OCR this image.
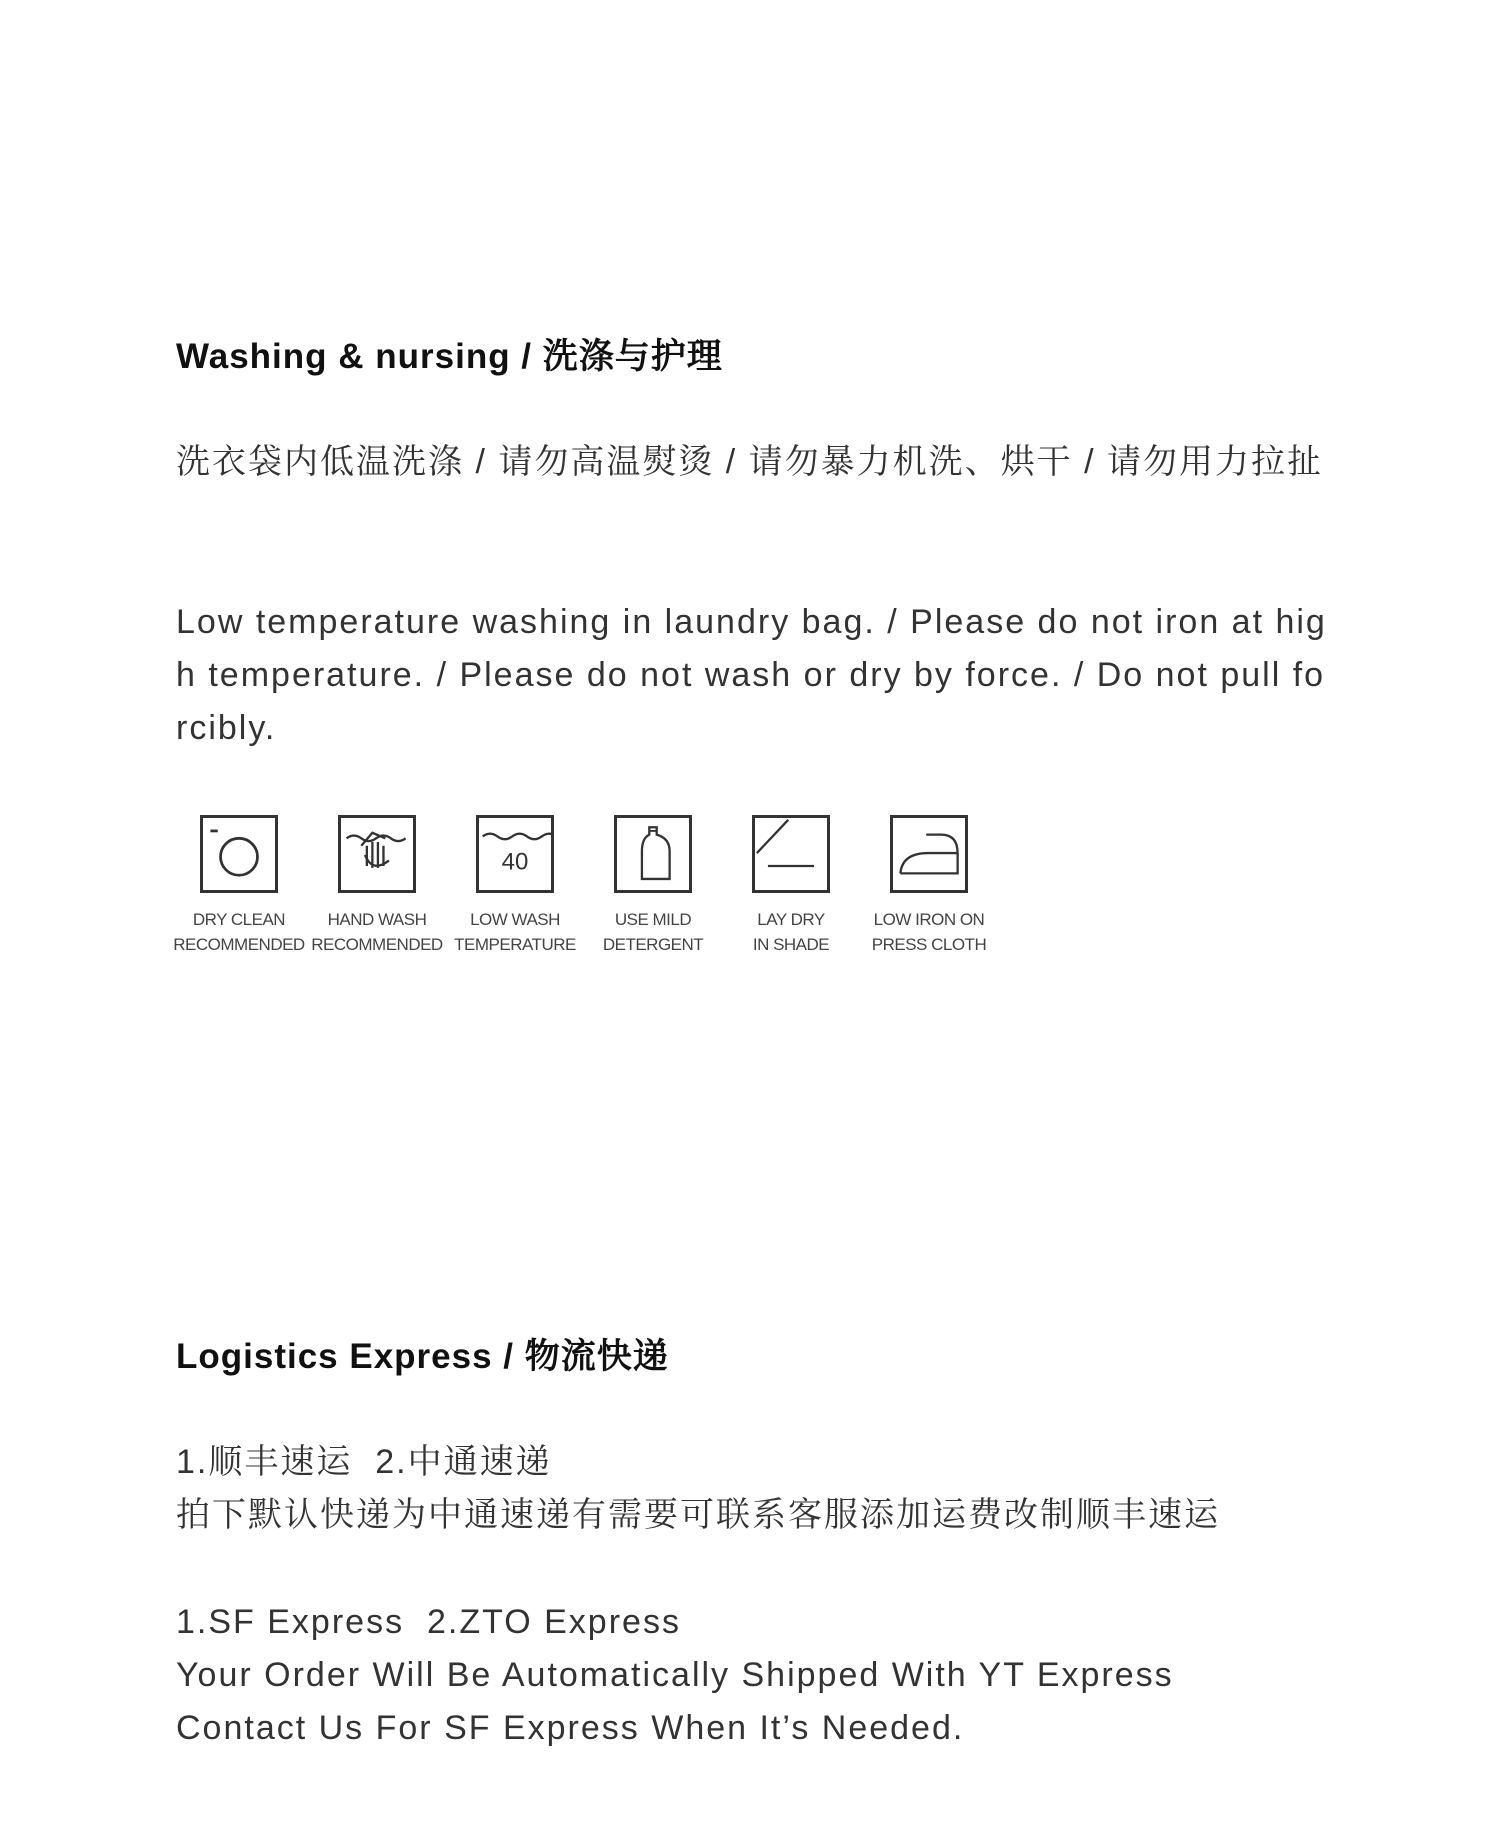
Washing & nursing / 洗涤与护理

洗衣袋内低温洗涤 / 请勿高温熨烫 / 请勿暴力机洗、烘干 / 请勿用力拉扯

Low temperature washing in laundry bag. / Please do not iron at high temperature. / Please do not wash or dry by force. / Do not pull forcibly.

DRY CLEAN
RECOMMENDED
HAND WASH
RECOMMENDED
40
LOW WASH
TEMPERATURE
USE MILD
DETERGENT
LAY DRY
IN SHADE
LOW IRON ON
PRESS CLOTH
Logistics Express / 物流快递
1.顺丰速运  2.中通速递
拍下默认快递为中通速递有需要可联系客服添加运费改制顺丰速运
1.SF Express  2.ZTO Express
Your Order Will Be Automatically Shipped With YT Express
Contact Us For SF Express When It’s Needed.
